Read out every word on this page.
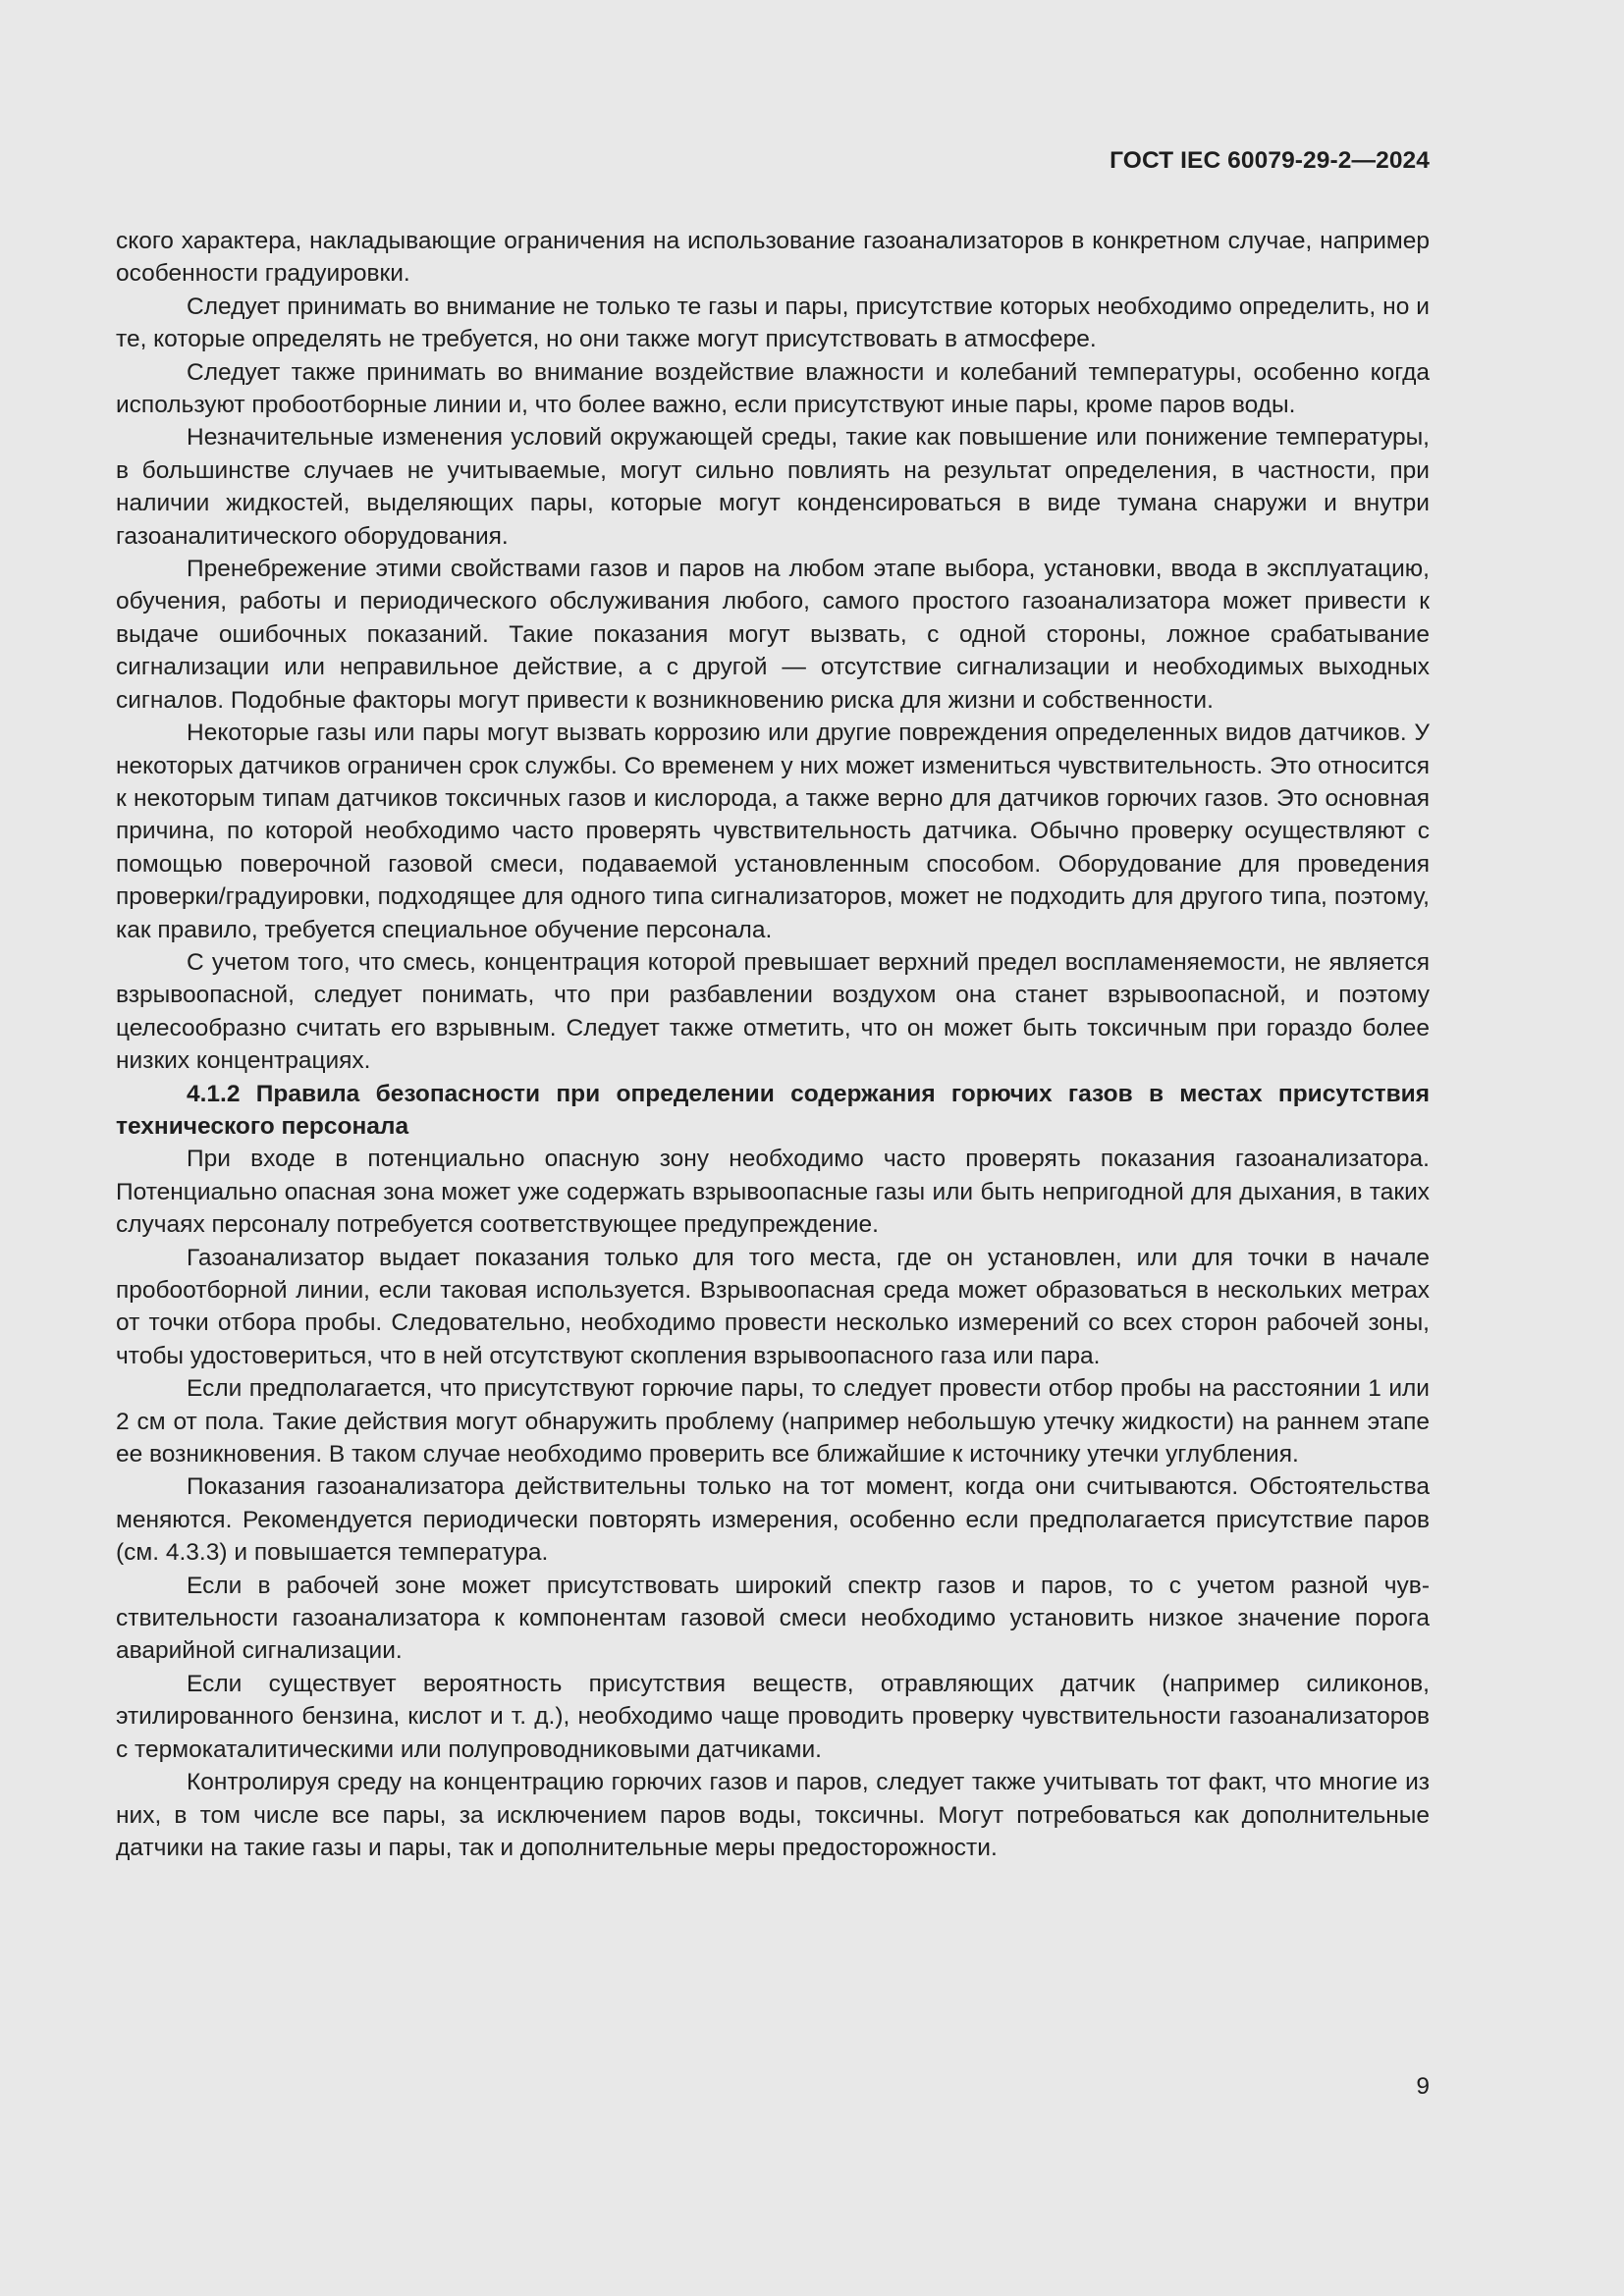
ГОСТ IEC 60079-29-2—2024

ского характера, накладывающие ограничения на использование газоанализаторов в конкретном случае, например особенности градуировки.

Следует принимать во внимание не только те газы и пары, присутствие которых необходимо определить, но и те, которые определять не требуется, но они также могут присутствовать в атмосфере.

Следует также принимать во внимание воздействие влажности и колебаний температуры, особенно когда используют пробоотборные линии и, что более важно, если присутствуют иные пары, кроме паров воды.

Незначительные изменения условий окружающей среды, такие как повышение или понижение температуры, в большинстве случаев не учитываемые, могут сильно повлиять на результат определения, в частности, при наличии жидкостей, выделяющих пары, которые могут конденсироваться в виде тумана снаружи и внутри газоаналитического оборудования.

Пренебрежение этими свойствами газов и паров на любом этапе выбора, установки, ввода в эксплуатацию, обучения, работы и периодического обслуживания любого, самого простого газоанализатора может привести к выдаче ошибочных показаний. Такие показания могут вызвать, с одной стороны, ложное срабатывание сигнализации или неправильное действие, а с другой — отсутствие сигнализации и необходимых выходных сигналов. Подобные факторы могут привести к возникновению риска для жизни и собственности.

Некоторые газы или пары могут вызвать коррозию или другие повреждения определенных видов датчиков. У некоторых датчиков ограничен срок службы. Со временем у них может измениться чувствительность. Это относится к некоторым типам датчиков токсичных газов и кислорода, а также верно для датчиков горючих газов. Это основная причина, по которой необходимо часто проверять чувствительность датчика. Обычно проверку осуществляют с помощью поверочной газовой смеси, подаваемой установленным способом. Оборудование для проведения проверки/градуировки, подходящее для одного типа сигнализаторов, может не подходить для другого типа, поэтому, как правило, требуется специальное обучение персонала.

С учетом того, что смесь, концентрация которой превышает верхний предел воспламеняемости, не является взрывоопасной, следует понимать, что при разбавлении воздухом она станет взрывоопасной, и поэтому целесообразно считать его взрывным. Следует также отметить, что он может быть токсичным при гораздо более низких концентрациях.

4.1.2 Правила безопасности при определении содержания горючих газов в местах присутствия технического персонала

При входе в потенциально опасную зону необходимо часто проверять показания газоанализатора. Потенциально опасная зона может уже содержать взрывоопасные газы или быть непригодной для дыхания, в таких случаях персоналу потребуется соответствующее предупреждение.

Газоанализатор выдает показания только для того места, где он установлен, или для точки в начале пробоотборной линии, если таковая используется. Взрывоопасная среда может образоваться в нескольких метрах от точки отбора пробы. Следовательно, необходимо провести несколько измерений со всех сторон рабочей зоны, чтобы удостовериться, что в ней отсутствуют скопления взрывоопасного газа или пара.

Если предполагается, что присутствуют горючие пары, то следует провести отбор пробы на расстоянии 1 или 2 см от пола. Такие действия могут обнаружить проблему (например небольшую утечку жидкости) на раннем этапе ее возникновения. В таком случае необходимо проверить все ближайшие к источнику утечки углубления.

Показания газоанализатора действительны только на тот момент, когда они считываются. Обстоятельства меняются. Рекомендуется периодически повторять измерения, особенно если предполагается присутствие паров (см. 4.3.3) и повышается температура.

Если в рабочей зоне может присутствовать широкий спектр газов и паров, то с учетом разной чувствительности газоанализатора к компонентам газовой смеси необходимо установить низкое значение порога аварийной сигнализации.

Если существует вероятность присутствия веществ, отравляющих датчик (например силиконов, этилированного бензина, кислот и т. д.), необходимо чаще проводить проверку чувствительности газоанализаторов с термокаталитическими или полупроводниковыми датчиками.

Контролируя среду на концентрацию горючих газов и паров, следует также учитывать тот факт, что многие из них, в том числе все пары, за исключением паров воды, токсичны. Могут потребоваться как дополнительные датчики на такие газы и пары, так и дополнительные меры предосторожности.

9
